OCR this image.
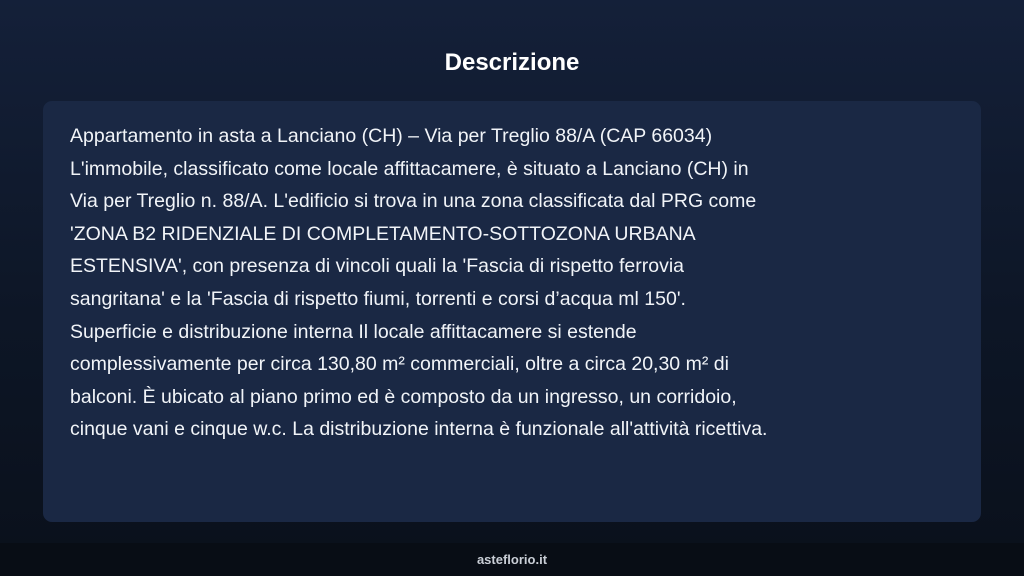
Descrizione

Appartamento in asta a Lanciano (CH) – Via per Treglio 88/A (CAP 66034)
L'immobile, classificato come locale affittacamere, è situato a Lanciano (CH) in
Via per Treglio n. 88/A. L'edificio si trova in una zona classificata dal PRG come
'ZONA B2 RIDENZIALE DI COMPLETAMENTO-SOTTOZONA URBANA
ESTENSIVA', con presenza di vincoli quali la 'Fascia di rispetto ferrovia
sangritana' e la 'Fascia di rispetto fiumi, torrenti e corsi d’acqua ml 150'.
Superficie e distribuzione interna Il locale affittacamere si estende
complessivamente per circa 130,80 m² commerciali, oltre a circa 20,30 m² di
balconi. È ubicato al piano primo ed è composto da un ingresso, un corridoio,
cinque vani e cinque w.c. La distribuzione interna è funzionale all'attività ricettiva.

asteflorio.it
